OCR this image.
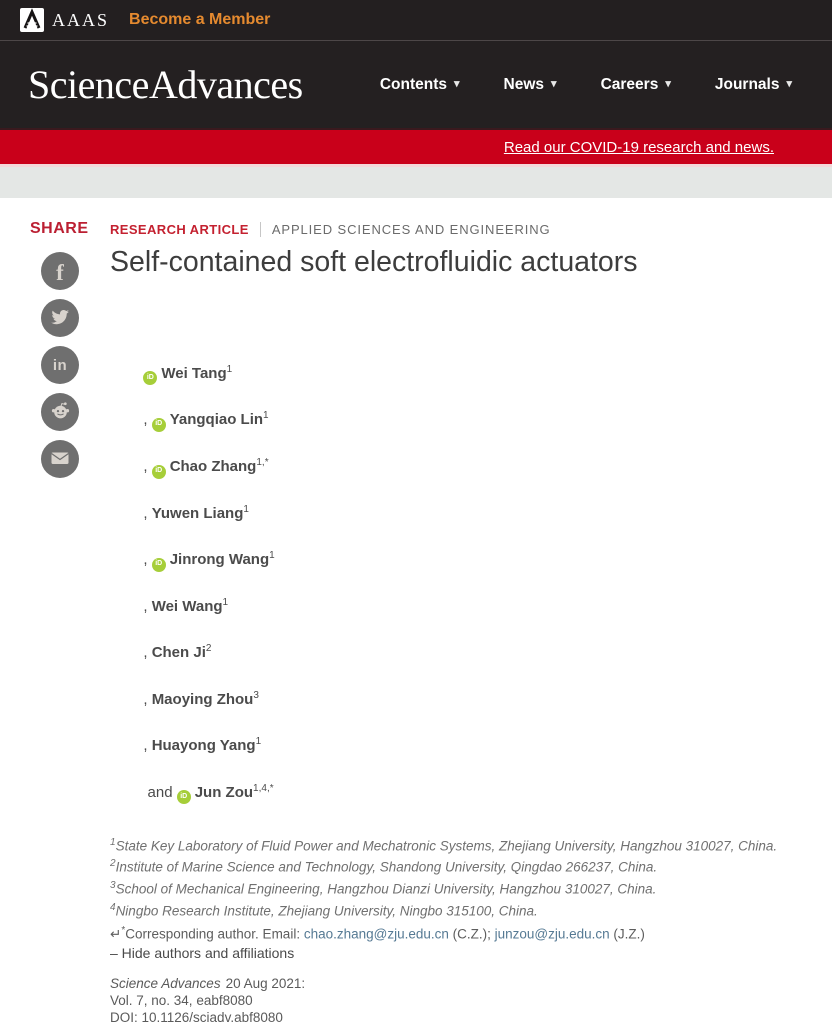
AAAS Become a Member
Science Advances	Contents ▾	News ▾	Careers ▾	Journals ▾
Read our COVID-19 research and news.
SHARE
f
in
RESEARCH ARTICLE APPLIED SCIENCES AND ENGINEERING
Self-contained soft electrofluidic actuators

iD Wei Tang$^1$

, iD Yangqiao Lin$^1$

, iD Chao Zhang$^{1,*}$

, Yuwen Liang$^1$

, iD Jinrong Wang$^1$

, Wei Wang$^1$

, Chen Ji$^2$

, Maoying Zhou$^3$

, Huayong Yang$^1$

and iD Jun Zou$^{1,4,*}$

$^1$State Key Laboratory of Fluid Power and Mechatronic Systems, Zhejiang University, Hangzhou 310027, China.
$^2$Institute of Marine Science and Technology, Shandong University, Qingdao 266237, China.
$^3$School of Mechanical Engineering, Hangzhou Dianzi University, Hangzhou 310027, China.
$^4$Ningbo Research Institute, Zhejiang University, Ningbo 315100, China.

↵*Corresponding author. Email: chao.zhang@zju.edu.cn (C.Z.); junzou@zju.edu.cn (J.Z.)

– Hide authors and affiliations

Science Advances 20 Aug 2021:

Vol. 7, no. 34, eabf8080

DOI: 10.1126/sciadv.abf8080
